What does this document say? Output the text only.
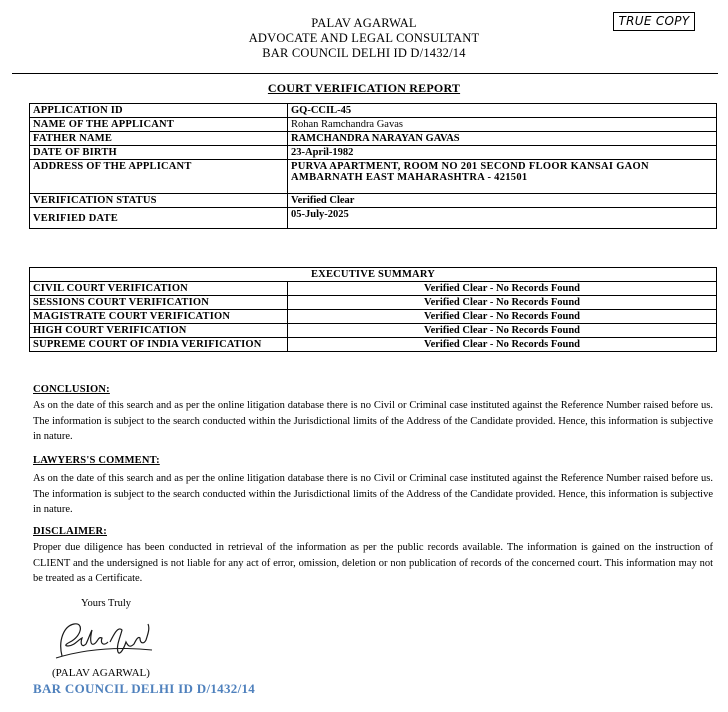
PALAV AGARWAL
ADVOCATE AND LEGAL CONSULTANT
BAR COUNCIL DELHI ID D/1432/14
TRUE COPY
COURT VERIFICATION REPORT
APPLICATION ID	GQ-CCIL-45
NAME OF THE APPLICANT	Rohan Ramchandra Gavas
FATHER NAME	RAMCHANDRA NARAYAN GAVAS
DATE OF BIRTH	23-April-1982
ADDRESS OF THE APPLICANT	PURVA APARTMENT, ROOM NO 201 SECOND FLOOR KANSAI GAON AMBARNATH EAST MAHARASHTRA - 421501
VERIFICATION STATUS	Verified Clear
VERIFIED DATE	05-July-2025
EXECUTIVE SUMMARY	
CIVIL COURT VERIFICATION	Verified Clear - No Records Found
SESSIONS COURT VERIFICATION	Verified Clear - No Records Found
MAGISTRATE COURT VERIFICATION	Verified Clear - No Records Found
HIGH COURT VERIFICATION	Verified Clear - No Records Found
SUPREME COURT OF INDIA VERIFICATION	Verified Clear - No Records Found
CONCLUSION:
As on the date of this search and as per the online litigation database there is no Civil or Criminal case instituted against the Reference Number raised before us. The information is subject to the search conducted within the Jurisdictional limits of the Address of the Candidate provided. Hence, this information is subjective in nature.
LAWYERS'S COMMENT:
As on the date of this search and as per the online litigation database there is no Civil or Criminal case instituted against the Reference Number raised before us. The information is subject to the search conducted within the Jurisdictional limits of the Address of the Candidate provided. Hence, this information is subjective in nature.
DISCLAIMER:
Proper due diligence has been conducted in retrieval of the information as per the public records available. The information is gained on the instruction of CLIENT and the undersigned is not liable for any act of error, omission, deletion or non publication of records of the concerned court. This information may not be treated as a Certificate.
Yours Truly
(PALAV AGARWAL)
BAR COUNCIL DELHI ID D/1432/14
